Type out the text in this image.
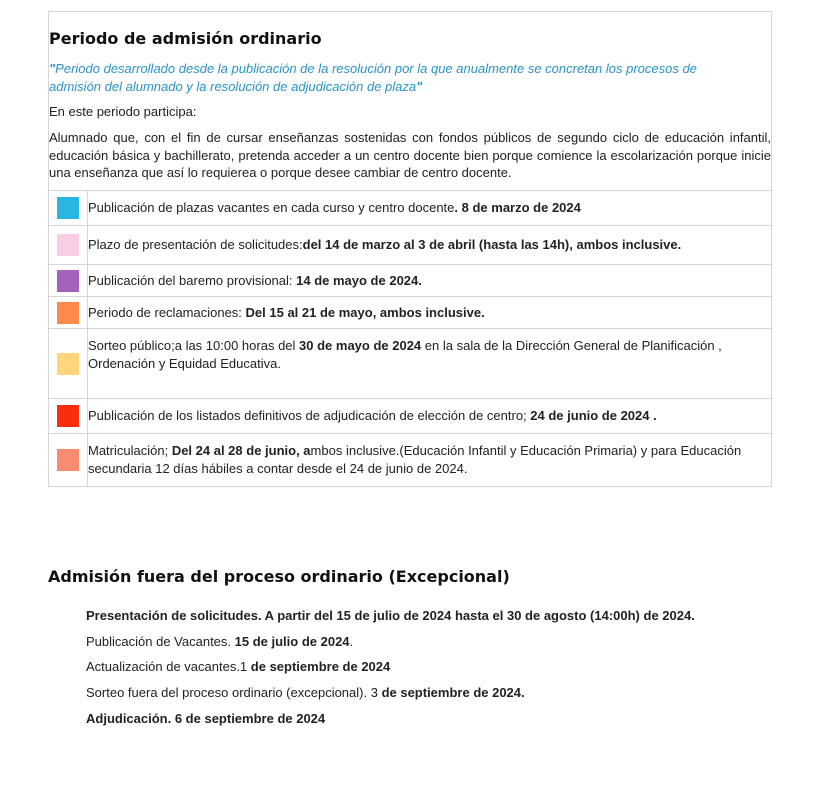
Periodo de admisión ordinario
"Periodo desarrollado desde la publicación de la resolución por la que anualmente se concretan los procesos de admisión del alumnado y la resolución de adjudicación de plaza"
En este periodo participa:
Alumnado que, con el fin de cursar enseñanzas sostenidas con fondos públicos de segundo ciclo de educación infantil, educación básica y bachillerato, pretenda acceder a un centro docente bien porque comience la escolarización porque inicie una enseñanza que así lo requierea o porque desee cambiar de centro docente.
	Publicación de plazas vacantes en cada curso y centro docente. 8 de marzo de 2024
	Plazo de presentación de solicitudes:del 14 de marzo al 3 de abril (hasta las 14h), ambos inclusive.
	Publicación del baremo provisional: 14 de mayo de 2024.
	Periodo de reclamaciones: Del 15 al 21 de mayo, ambos inclusive.
	Sorteo público;a las 10:00 horas del 30 de mayo de 2024 en la sala de la Dirección General de Planificación , Ordenación y Equidad Educativa.
	Publicación de los listados definitivos de adjudicación de elección de centro; 24 de junio de 2024 .
	Matriculación; Del 24 al 28 de junio, ambos inclusive.(Educación Infantil y Educación Primaria) y para Educación secundaria 12 días hábiles a contar desde el 24 de junio de 2024.
Admisión fuera del proceso ordinario (Excepcional)
Presentación de solicitudes. A partir del 15 de julio de 2024 hasta el 30 de agosto (14:00h) de 2024.
Publicación de Vacantes. 15 de julio de 2024.
Actualización de vacantes.1 de septiembre de 2024
Sorteo fuera del proceso ordinario (excepcional). 3 de septiembre de 2024.
Adjudicación. 6 de septiembre de 2024
